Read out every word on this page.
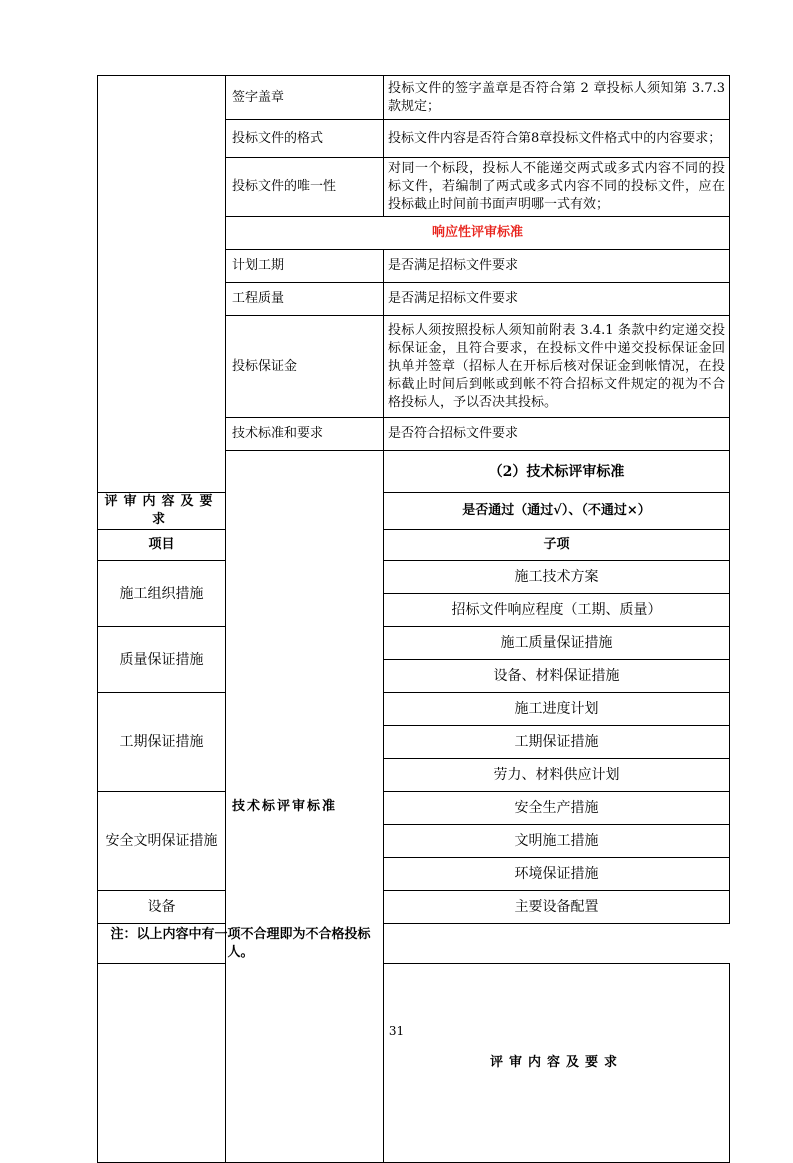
	签字盖章	投标文件的签字盖章是否符合第 2 章投标人须知第 3.7.3 款规定；	
	投标文件的格式	投标文件内容是否符合第8章投标文件格式中的内容要求；	
	投标文件的唯一性	对同一个标段，投标人不能递交两式或多式内容不同的投标文件，若编制了两式或多式内容不同的投标文件，应在投标截止时间前书面声明哪一式有效；	
	响应性评审标准		
	计划工期	是否满足招标文件要求	
	工程质量	是否满足招标文件要求	
	投标保证金	投标人须按照投标人须知前附表 3.4.1 条款中约定递交投标保证金，且符合要求，在投标文件中递交投标保证金回执单并签章（招标人在开标后核对保证金到帐情况，在投标截止时间后到帐或到帐不符合招标文件规定的视为不合格投标人，予以否决其投标。	
	技术标准和要求	是否符合招标文件要求	
	技术标评审标准	（2）技术标评审标准	
评审内容及要求		是否通过（通过√）、（不通过×）	
项目		子项	
施工组织措施		施工技术方案	
		招标文件响应程度（工期、质量）	
质量保证措施		施工质量保证措施	
		设备、材料保证措施	
工期保证措施		施工进度计划	
		工期保证措施	
		劳力、材料供应计划	
安全文明保证措施		安全生产措施	
		文明施工措施	
		环境保证措施	
设备		主要设备配置	
注：以上内容中有一项不合理即为不合格投标人。			
		评审内容及要求	
31
